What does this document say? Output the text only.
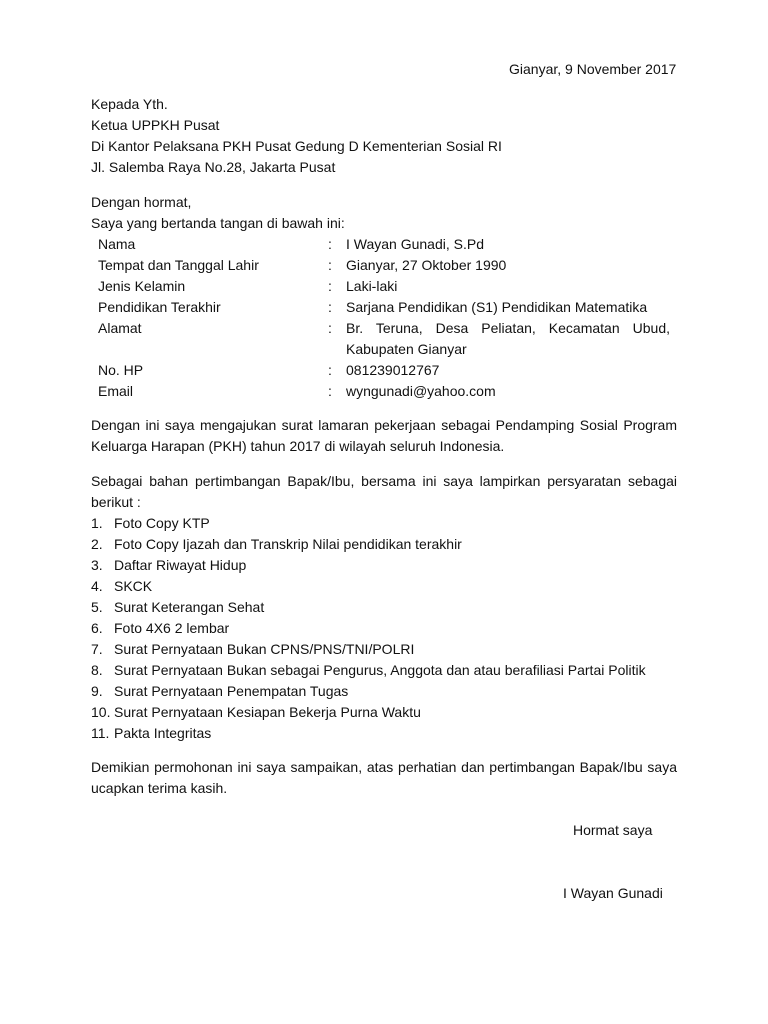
Gianyar, 9 November 2017
Kepada Yth.
Ketua UPPKH Pusat
Di Kantor Pelaksana PKH Pusat Gedung D Kementerian Sosial RI
Jl. Salemba Raya No.28, Jakarta Pusat
Dengan hormat,
Saya yang bertanda tangan di bawah ini:
Nama	: I Wayan Gunadi, S.Pd
Tempat dan Tanggal Lahir	: Gianyar, 27 Oktober 1990
Jenis Kelamin	: Laki-laki
Pendidikan Terakhir	: Sarjana Pendidikan (S1) Pendidikan Matematika
Alamat	: Br. Teruna, Desa Peliatan, Kecamatan Ubud,
Kabupaten Gianyar
No. HP	: 081239012767
Email	: wyngunadi@yahoo.com
Dengan ini saya mengajukan surat lamaran pekerjaan sebagai Pendamping Sosial Program Keluarga Harapan (PKH) tahun 2017 di wilayah seluruh Indonesia.
Sebagai bahan pertimbangan Bapak/Ibu, bersama ini saya lampirkan persyaratan sebagai berikut :
1. Foto Copy KTP
2. Foto Copy Ijazah dan Transkrip Nilai pendidikan terakhir
3. Daftar Riwayat Hidup
4. SKCK
5. Surat Keterangan Sehat
6. Foto 4X6 2 lembar
7. Surat Pernyataan Bukan CPNS/PNS/TNI/POLRI
8. Surat Pernyataan Bukan sebagai Pengurus, Anggota dan atau berafiliasi Partai Politik
9. Surat Pernyataan Penempatan Tugas
10. Surat Pernyataan Kesiapan Bekerja Purna Waktu
11. Pakta Integritas
Demikian permohonan ini saya sampaikan, atas perhatian dan pertimbangan Bapak/Ibu saya ucapkan terima kasih.
Hormat saya
I Wayan Gunadi
